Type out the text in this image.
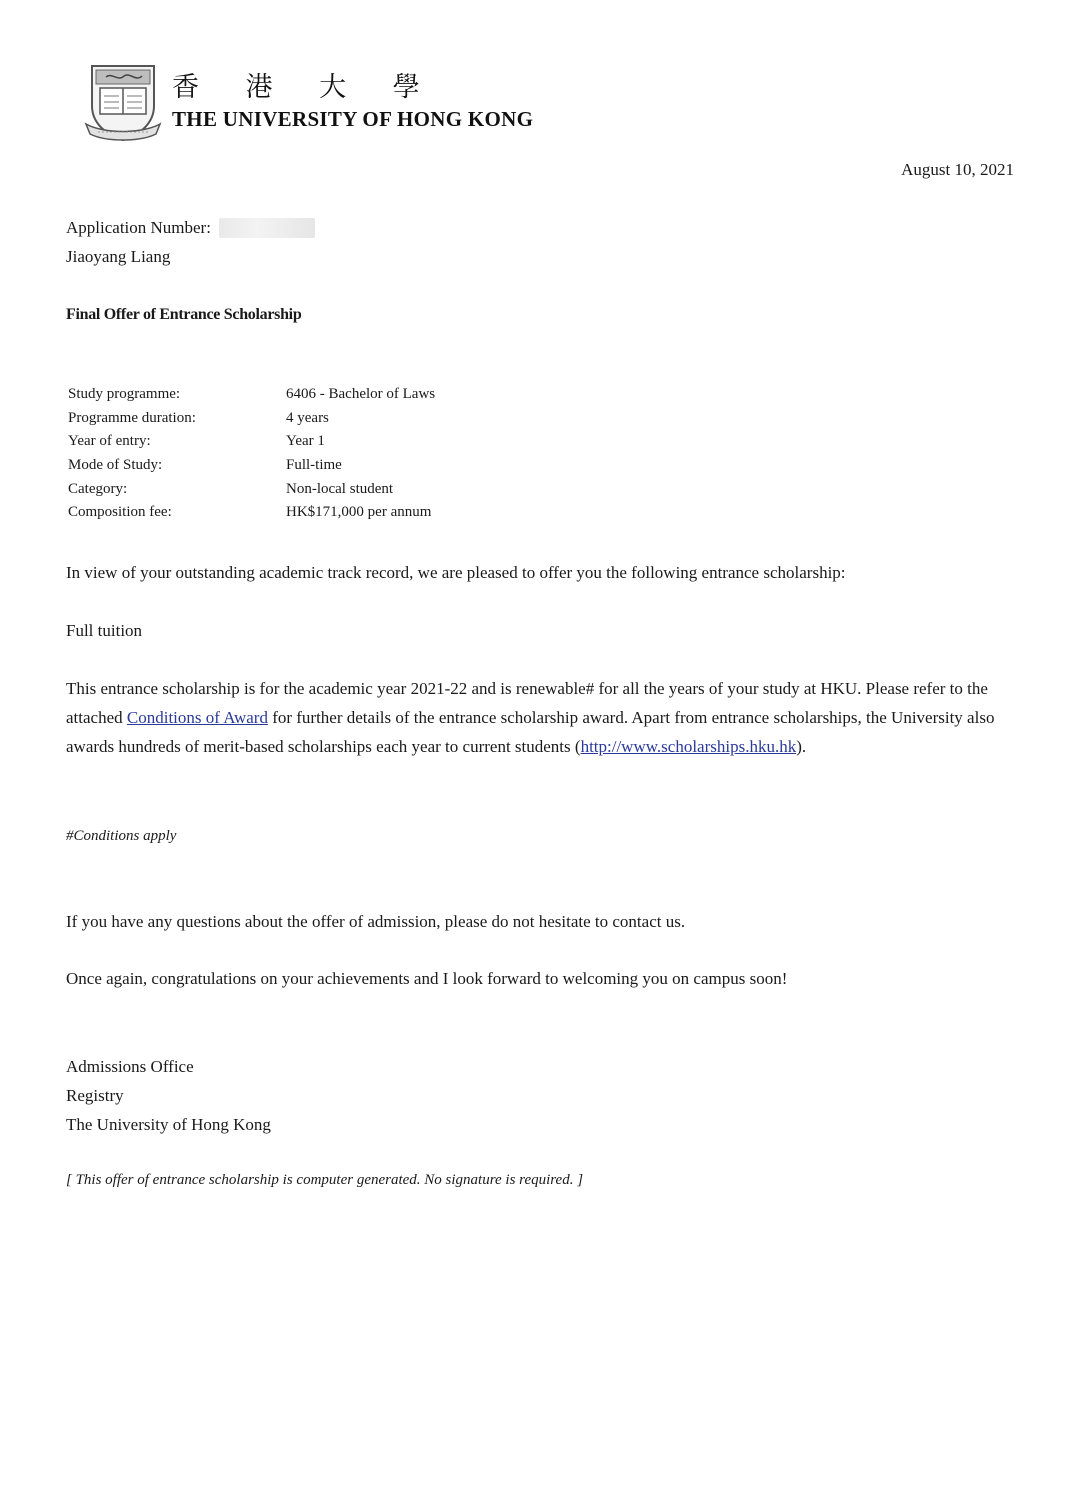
香 港 大 學
THE UNIVERSITY OF HONG KONG
August 10, 2021
Application Number:
Jiaoyang Liang
Final Offer of Entrance Scholarship
Study programme:	6406 - Bachelor of Laws
Programme duration:	4 years
Year of entry:	Year 1
Mode of Study:	Full-time
Category:	Non-local student
Composition fee:	HK$171,000 per annum
In view of your outstanding academic track record, we are pleased to offer you the following entrance scholarship:
Full tuition
This entrance scholarship is for the academic year 2021-22 and is renewable# for all the years of your study at HKU. Please refer to the attached Conditions of Award for further details of the entrance scholarship award. Apart from entrance scholarships, the University also awards hundreds of merit-based scholarships each year to current students (http://www.scholarships.hku.hk).
#Conditions apply
If you have any questions about the offer of admission, please do not hesitate to contact us.
Once again, congratulations on your achievements and I look forward to welcoming you on campus soon!
Admissions Office
Registry
The University of Hong Kong
[ This offer of entrance scholarship is computer generated. No signature is required. ]
